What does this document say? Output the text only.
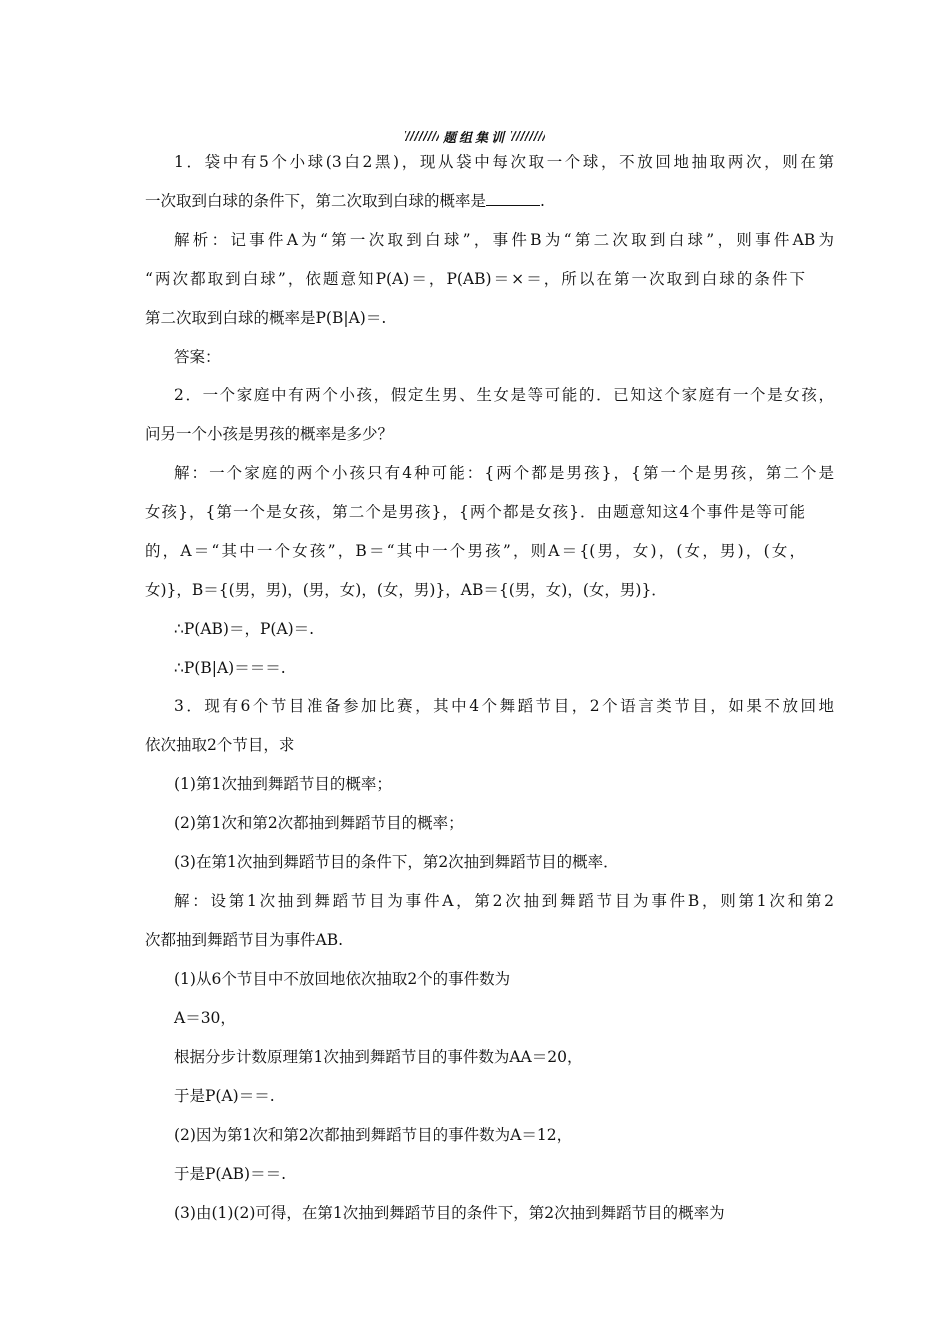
题组集训
1．袋中有5个小球(3白2黑)，现从袋中每次取一个球，不放回地抽取两次，则在第
一次取到白球的条件下，第二次取到白球的概率是	.
解析：记事件A为“第一次取到白球”，事件B为“第二次取到白球”，则事件AB为
“两次都取到白球”，依题意知P(A)＝，P(AB)＝×＝，所以在第一次取到白球的条件下
第二次取到白球的概率是P(B|A)＝.
答案：
2．一个家庭中有两个小孩，假定生男、生女是等可能的．已知这个家庭有一个是女孩，
问另一个小孩是男孩的概率是多少？
解：一个家庭的两个小孩只有4种可能：{两个都是男孩}，{第一个是男孩，第二个是
女孩}，{第一个是女孩，第二个是男孩}，{两个都是女孩}．由题意知这4个事件是等可能
的，A＝“其中一个女孩”，B＝“其中一个男孩”，则A＝{(男，女)，(女，男)，(女，
女)}，B＝{(男，男)，(男，女)，(女，男)}，AB＝{(男，女)，(女，男)}．
∴P(AB)＝，P(A)＝.
∴P(B|A)＝＝＝.
3．现有6个节目准备参加比赛，其中4个舞蹈节目，2个语言类节目，如果不放回地
依次抽取2个节目，求
(1)第1次抽到舞蹈节目的概率；
(2)第1次和第2次都抽到舞蹈节目的概率；
(3)在第1次抽到舞蹈节目的条件下，第2次抽到舞蹈节目的概率．
解：设第1次抽到舞蹈节目为事件A，第2次抽到舞蹈节目为事件B，则第1次和第2
次都抽到舞蹈节目为事件AB.
(1)从6个节目中不放回地依次抽取2个的事件数为
A＝30，
根据分步计数原理第1次抽到舞蹈节目的事件数为AA＝20，
于是P(A)＝＝.
(2)因为第1次和第2次都抽到舞蹈节目的事件数为A＝12，
于是P(AB)＝＝.
(3)由(1)(2)可得，在第1次抽到舞蹈节目的条件下，第2次抽到舞蹈节目的概率为
